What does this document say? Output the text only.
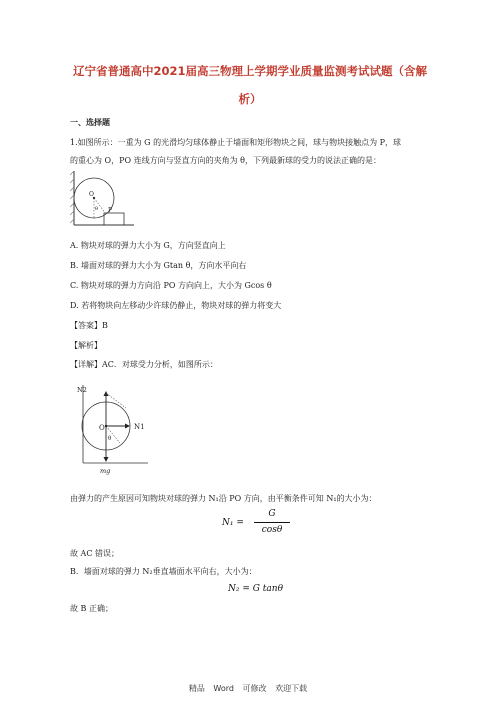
辽宁省普通高中2021届高三物理上学期学业质量监测考试试题（含解
析）
一、选择题
1.如图所示：一重为 G 的光滑均匀球体静止于墙面和矩形物块之间，球与物块接触点为 P，球
的重心为 O，PO 连线方向与竖直方向的夹角为 θ，下列最新球的受力的说法正确的是：
O
P
θ
A. 物块对球的弹力大小为 G，方向竖直向上
B. 墙面对球的弹力大小为 Gtan θ，方向水平向右
C. 物块对球的弹力方向沿 PO 方向向上，大小为 Gcos θ
D. 若将物块向左移动少许球仍静止，物块对球的弹力将变大
【答案】B
【解析】
【详解】AC．对球受力分析，如图所示：
N2
N1
O
θ
mg
由弹力的产生原因可知物块对球的弹力 N₁沿 PO 方向，由平衡条件可知 N₁的大小为：
N₁ =
G
cosθ
故 AC 错误；
B．墙面对球的弹力 N₂垂直墙面水平向右，大小为：
N₂ = G tanθ
故 B 正确；
精品 Word 可修改 欢迎下载
